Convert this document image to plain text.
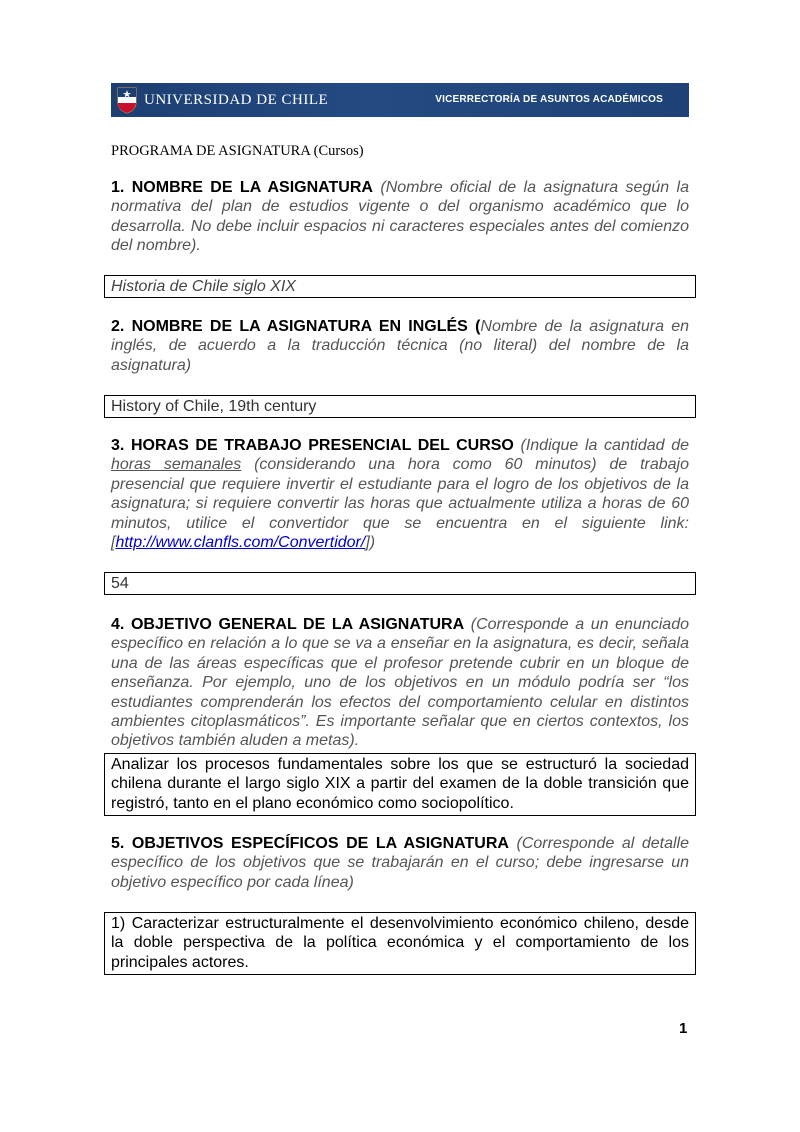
UNIVERSIDAD DE CHILE	VICERRECTORÍA DE ASUNTOS ACADÉMICOS
PROGRAMA DE ASIGNATURA (Cursos)
1. NOMBRE DE LA ASIGNATURA (Nombre oficial de la asignatura según la normativa del plan de estudios vigente o del organismo académico que lo desarrolla. No debe incluir espacios ni caracteres especiales antes del comienzo del nombre).
Historia de Chile siglo XIX
2. NOMBRE DE LA ASIGNATURA EN INGLÉS (Nombre de la asignatura en inglés, de acuerdo a la traducción técnica (no literal) del nombre de la asignatura)
History of Chile, 19th century
3. HORAS DE TRABAJO PRESENCIAL DEL CURSO (Indique la cantidad de horas semanales (considerando una hora como 60 minutos) de trabajo presencial que requiere invertir el estudiante para el logro de los objetivos de la asignatura; si requiere convertir las horas que actualmente utiliza a horas de 60 minutos, utilice el convertidor que se encuentra en el siguiente link: [http://www.clanfls.com/Convertidor/])
54
4. OBJETIVO GENERAL DE LA ASIGNATURA (Corresponde a un enunciado específico en relación a lo que se va a enseñar en la asignatura, es decir, señala una de las áreas específicas que el profesor pretende cubrir en un bloque de enseñanza. Por ejemplo, uno de los objetivos en un módulo podría ser “los estudiantes comprenderán los efectos del comportamiento celular en distintos ambientes citoplasmáticos”. Es importante señalar que en ciertos contextos, los objetivos también aluden a metas).
Analizar los procesos fundamentales sobre los que se estructuró la sociedad chilena durante el largo siglo XIX a partir del examen de la doble transición que registró, tanto en el plano económico como sociopolítico.
5. OBJETIVOS ESPECÍFICOS DE LA ASIGNATURA (Corresponde al detalle específico de los objetivos que se trabajarán en el curso; debe ingresarse un objetivo específico por cada línea)
1) Caracterizar estructuralmente el desenvolvimiento económico chileno, desde la doble perspectiva de la política económica y el comportamiento de los principales actores.
1
